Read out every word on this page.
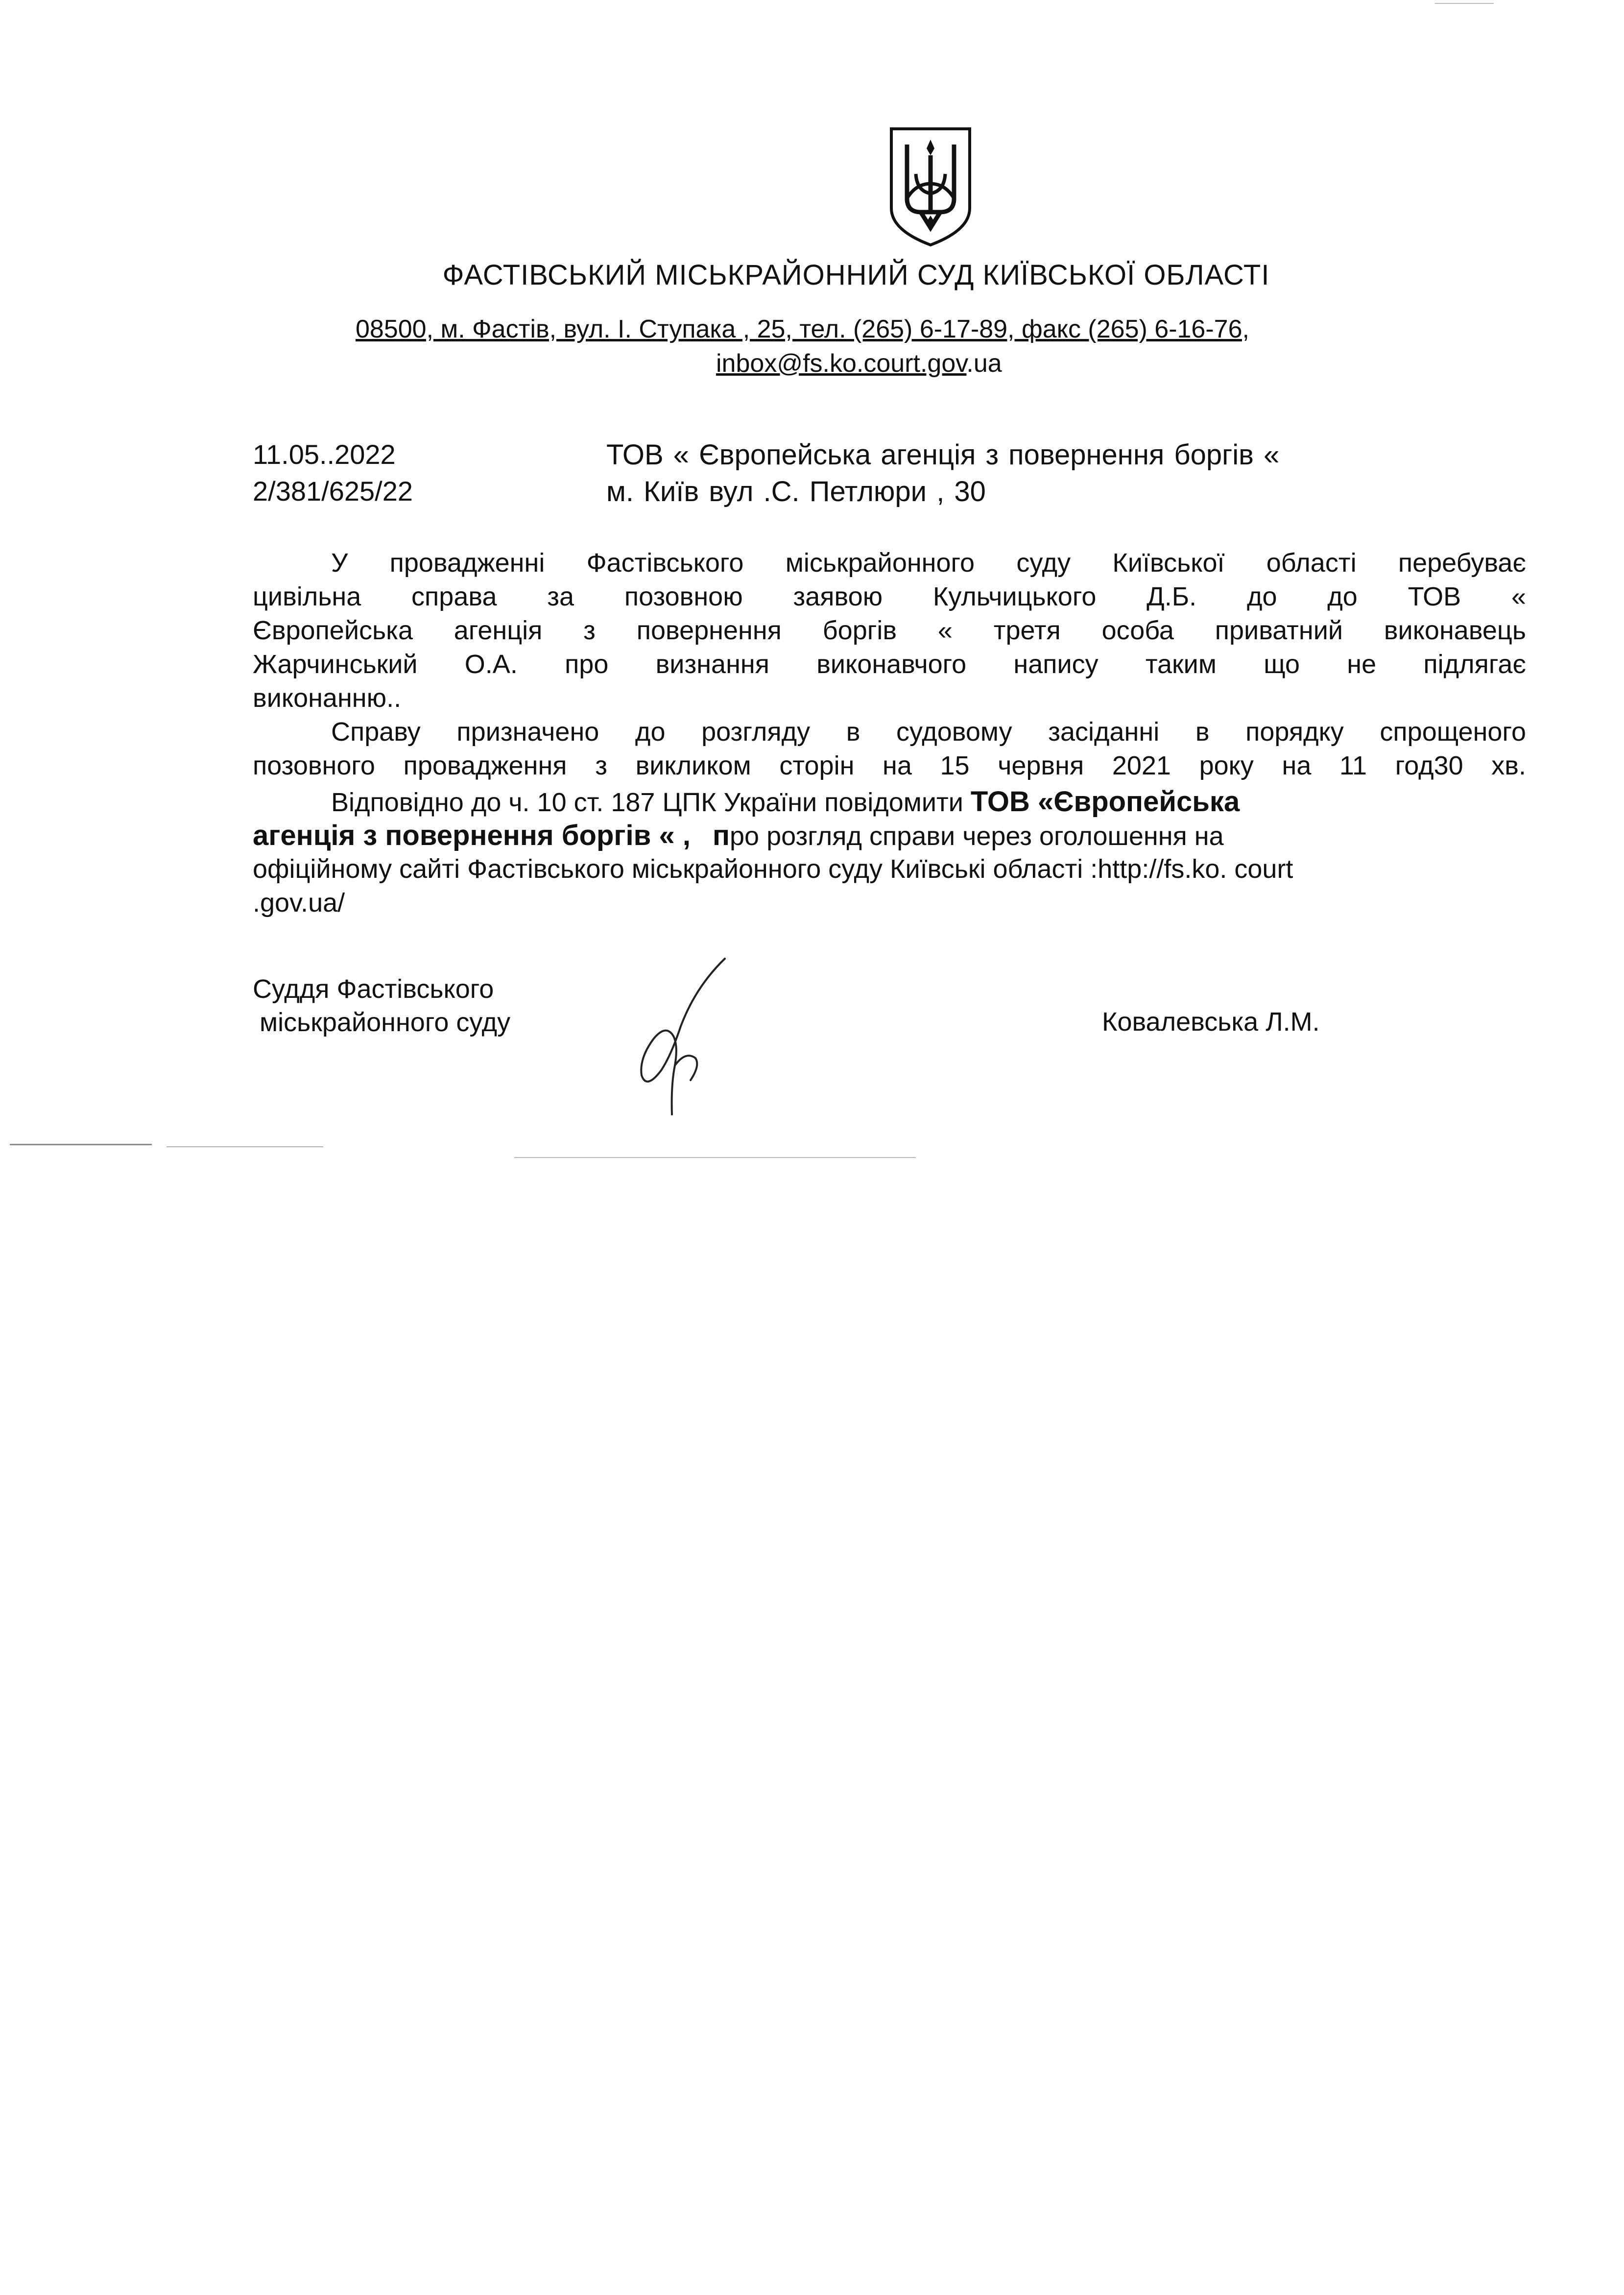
ФАСТІВСЬКИЙ МІСЬКРАЙОННИЙ СУД КИЇВСЬКОЇ ОБЛАСТІ
08500, м. Фастів, вул. І. Ступака , 25, тел. (265) 6-17-89, факс (265) 6-16-76,
inbox@fs.ko.court.gov.ua
11.05..2022
2/381/625/22
ТОВ « Європейська агенція з повернення боргів «
м. Київ вул .С. Петлюри , 30
У провадженні Фастівського міськрайонного суду Київської області перебуває
цивільна справа за позовною заявою Кульчицького Д.Б. до до ТОВ «
Європейська агенція з повернення боргів « третя особа приватний виконавець
Жарчинський О.А. про визнання виконавчого напису таким що не підлягає
виконанню..
Справу призначено до розгляду в судовому засіданні в порядку спрощеного
позовного провадження з викликом сторін на 15 червня 2021 року на 11 год30 хв.
Відповідно до ч. 10 ст. 187 ЦПК України повідомити ТОВ «Європейська
агенція з повернення боргів « , про розгляд справи через оголошення на
офіційному сайті Фастівського міськрайонного суду Київські області :http://fs.ko. court
.gov.ua/
Суддя Фастівського
міськрайонного суду	Ковалевська Л.М.
